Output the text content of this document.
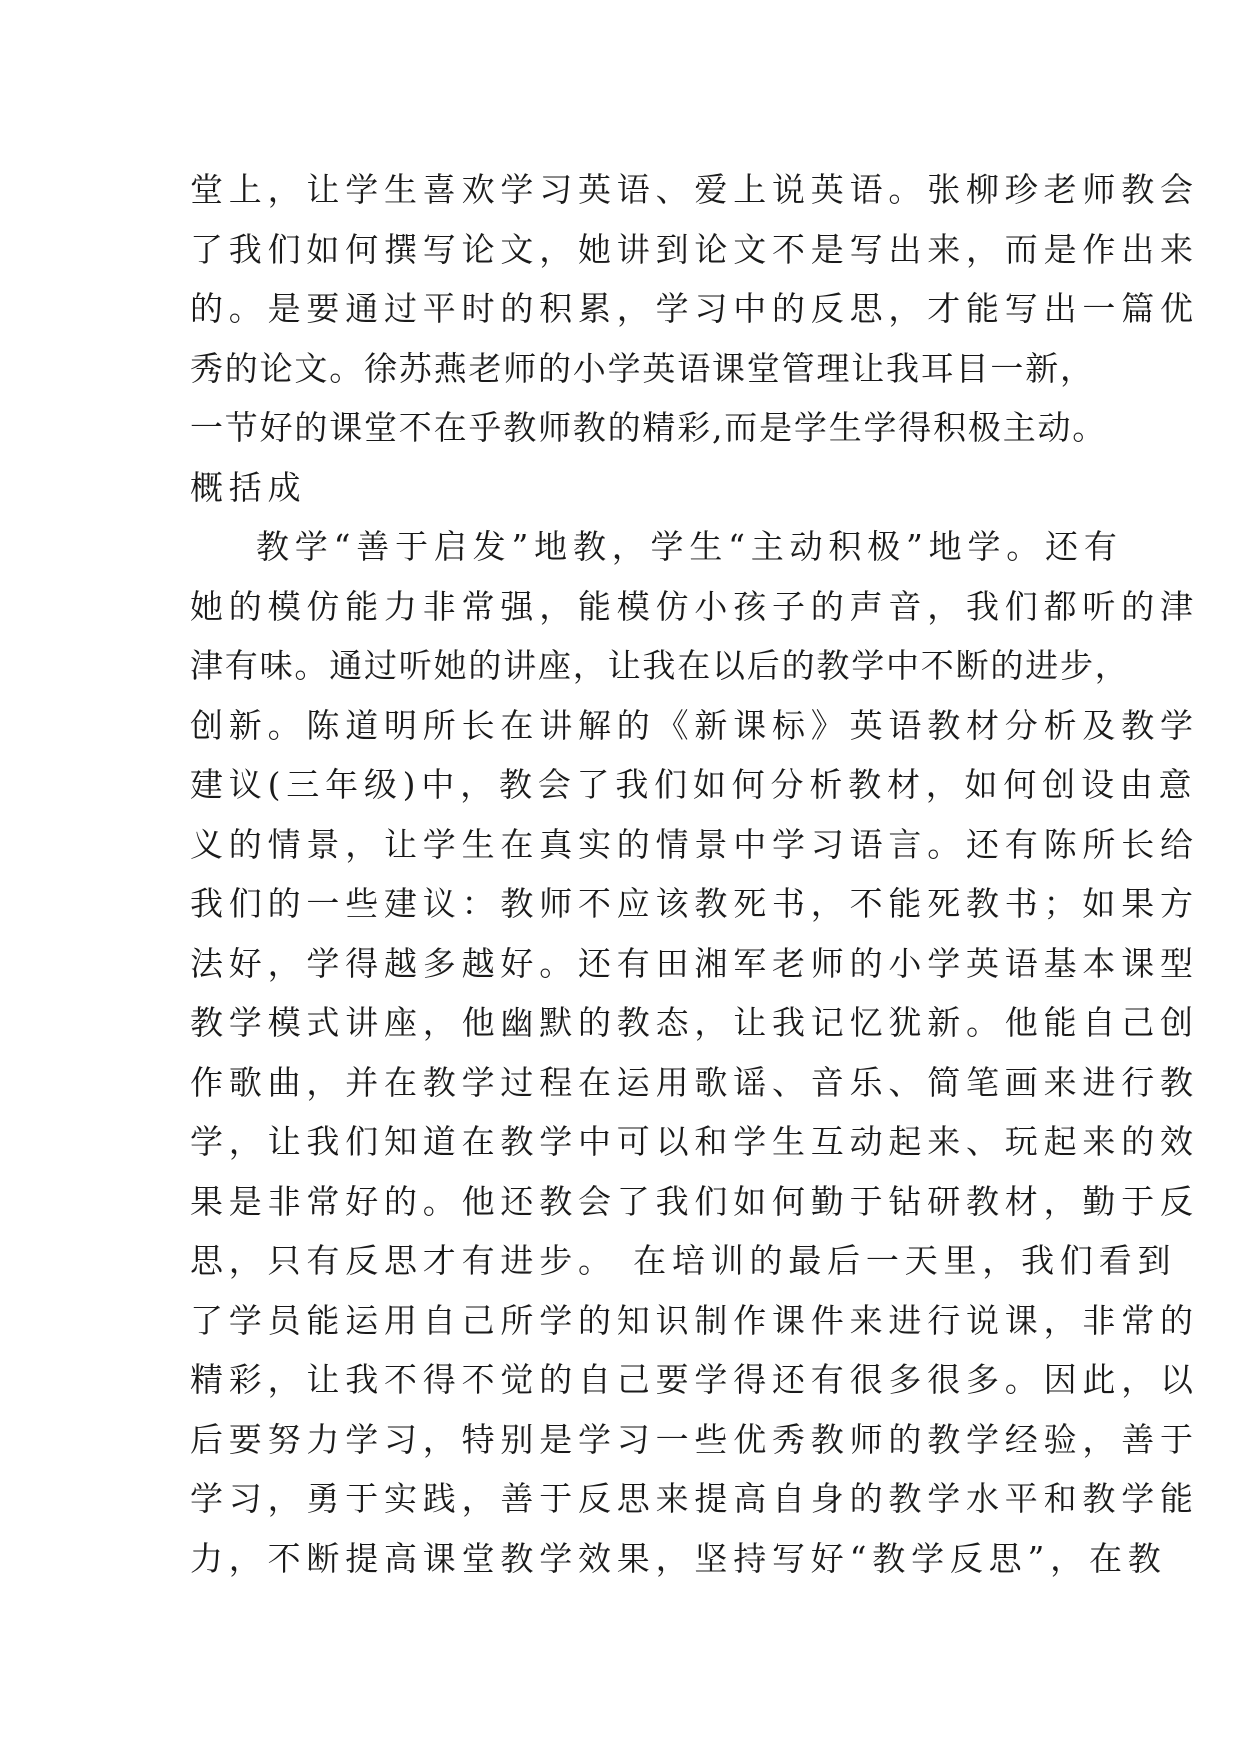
堂上，让学生喜欢学习英语、爱上说英语。张柳珍老师教会
了我们如何撰写论文，她讲到论文不是写出来，而是作出来
的。是要通过平时的积累，学习中的反思，才能写出一篇优
秀的论文。徐苏燕老师的小学英语课堂管理让我耳目一新，
一节好的课堂不在乎教师教的精彩,而是学生学得积极主动。
概括成
教学“善于启发”地教，学生“主动积极”地学。还有
她的模仿能力非常强，能模仿小孩子的声音，我们都听的津
津有味。通过听她的讲座，让我在以后的教学中不断的进步，
创新。陈道明所长在讲解的《新课标》英语教材分析及教学
建议(三年级)中，教会了我们如何分析教材，如何创设由意
义的情景，让学生在真实的情景中学习语言。还有陈所长给
我们的一些建议：教师不应该教死书，不能死教书；如果方
法好，学得越多越好。还有田湘军老师的小学英语基本课型
教学模式讲座，他幽默的教态，让我记忆犹新。他能自己创
作歌曲，并在教学过程在运用歌谣、音乐、简笔画来进行教
学，让我们知道在教学中可以和学生互动起来、玩起来的效
果是非常好的。他还教会了我们如何勤于钻研教材，勤于反
思，只有反思才有进步。 在培训的最后一天里，我们看到
了学员能运用自己所学的知识制作课件来进行说课，非常的
精彩，让我不得不觉的自己要学得还有很多很多。因此，以
后要努力学习，特别是学习一些优秀教师的教学经验，善于
学习，勇于实践，善于反思来提高自身的教学水平和教学能
力，不断提高课堂教学效果，坚持写好“教学反思”，在教
